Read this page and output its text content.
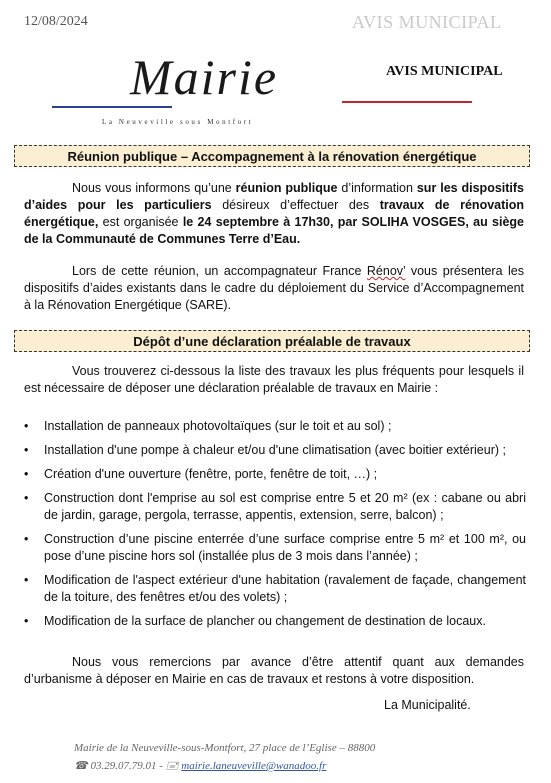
12/08/2024	AVIS MUNICIPAL
Mairie
La Neuveville sous Montfort
AVIS MUNICIPAL
Réunion publique – Accompagnement à la rénovation énergétique
Nous vous informons qu’une réunion publique d’information sur les dispositifs d’aides pour les particuliers désireux d’effectuer des travaux de rénovation énergétique, est organisée le 24 septembre à 17h30, par SOLIHA VOSGES, au siège de la Communauté de Communes Terre d’Eau.
Lors de cette réunion, un accompagnateur France Rénov’ vous présentera les dispositifs d’aides existants dans le cadre du déploiement du Service d’Accompagnement à la Rénovation Energétique (SARE).
Dépôt d’une déclaration préalable de travaux
Vous trouverez ci-dessous la liste des travaux les plus fréquents pour lesquels il est nécessaire de déposer une déclaration préalable de travaux en Mairie :
• Installation de panneaux photovoltaïques (sur le toit et au sol) ;
• Installation d'une pompe à chaleur et/ou d'une climatisation (avec boitier extérieur) ;
• Création d'une ouverture (fenêtre, porte, fenêtre de toit, …) ;
• Construction dont l'emprise au sol est comprise entre 5 et 20 m² (ex : cabane ou abri de jardin, garage, pergola, terrasse, appentis, extension, serre, balcon) ;
• Construction d’une piscine enterrée d’une surface comprise entre 5 m² et 100 m², ou pose d’une piscine hors sol (installée plus de 3 mois dans l’année) ;
• Modification de l'aspect extérieur d'une habitation (ravalement de façade, changement de la toiture, des fenêtres et/ou des volets) ;
• Modification de la surface de plancher ou changement de destination de locaux.
Nous vous remercions par avance d’être attentif quant aux demandes d’urbanisme à déposer en Mairie en cas de travaux et restons à votre disposition.
La Municipalité.
Mairie de la Neuveville-sous-Montfort, 27 place de l’Eglise – 88800
☎ 03.29.07.79.01 - 🖃 mairie.laneuveville@wanadoo.fr
